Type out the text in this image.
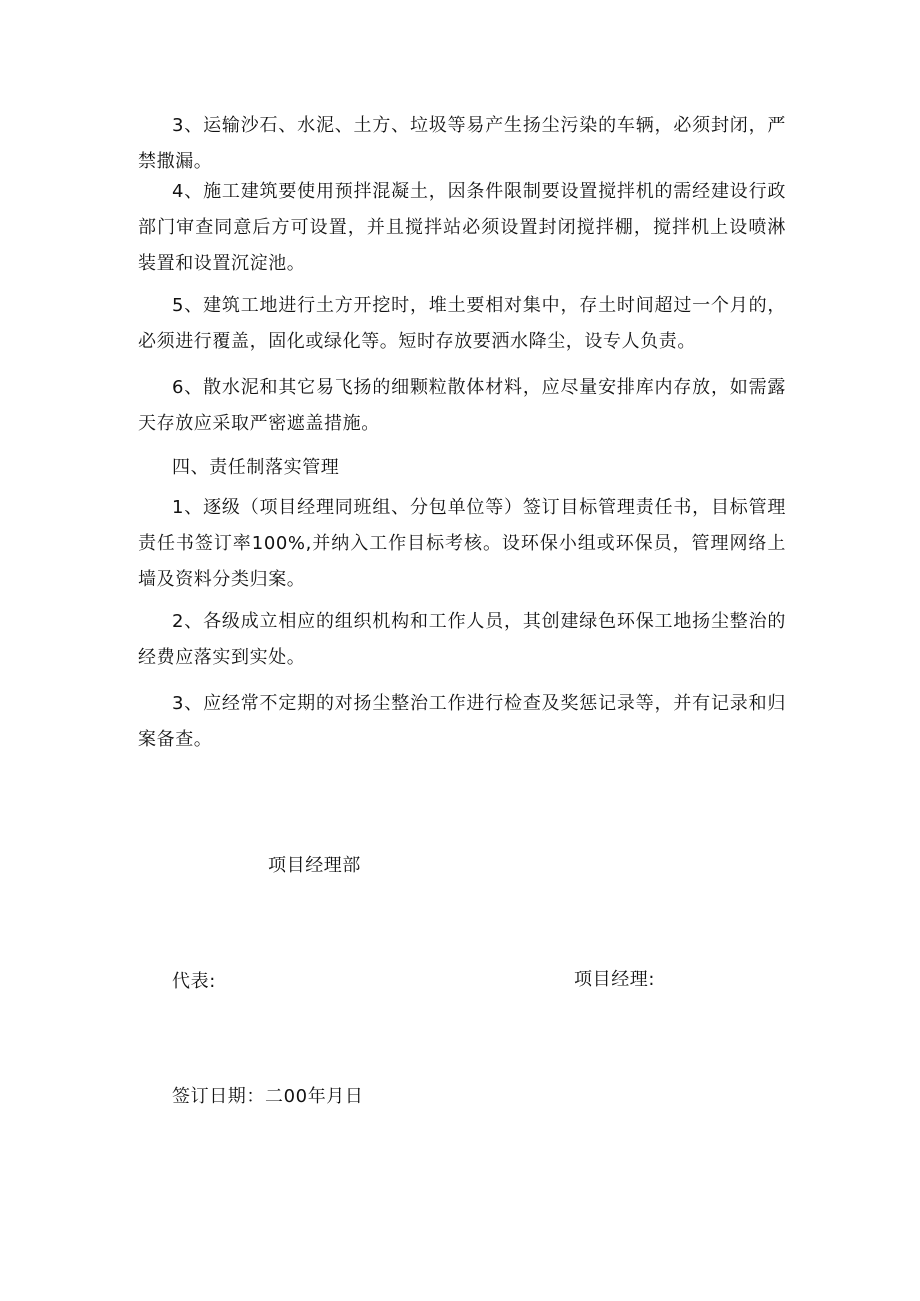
3、运输沙石、水泥、土方、垃圾等易产生扬尘污染的车辆，必须封闭，严禁撒漏。

4、施工建筑要使用预拌混凝土，因条件限制要设置搅拌机的需经建设行政部门审查同意后方可设置，并且搅拌站必须设置封闭搅拌棚，搅拌机上设喷淋装置和设置沉淀池。

5、建筑工地进行土方开挖时，堆土要相对集中，存土时间超过一个月的，必须进行覆盖，固化或绿化等。短时存放要洒水降尘，设专人负责。

6、散水泥和其它易飞扬的细颗粒散体材料，应尽量安排库内存放，如需露天存放应采取严密遮盖措施。

四、责任制落实管理

1、逐级（项目经理同班组、分包单位等）签订目标管理责任书，目标管理责任书签订率100%,并纳入工作目标考核。设环保小组或环保员，管理网络上墙及资料分类归案。

2、各级成立相应的组织机构和工作人员，其创建绿色环保工地扬尘整治的经费应落实到实处。

3、应经常不定期的对扬尘整治工作进行检查及奖惩记录等，并有记录和归案备查。

项目经理部

代表:	项目经理:

签订日期：二00年月日
